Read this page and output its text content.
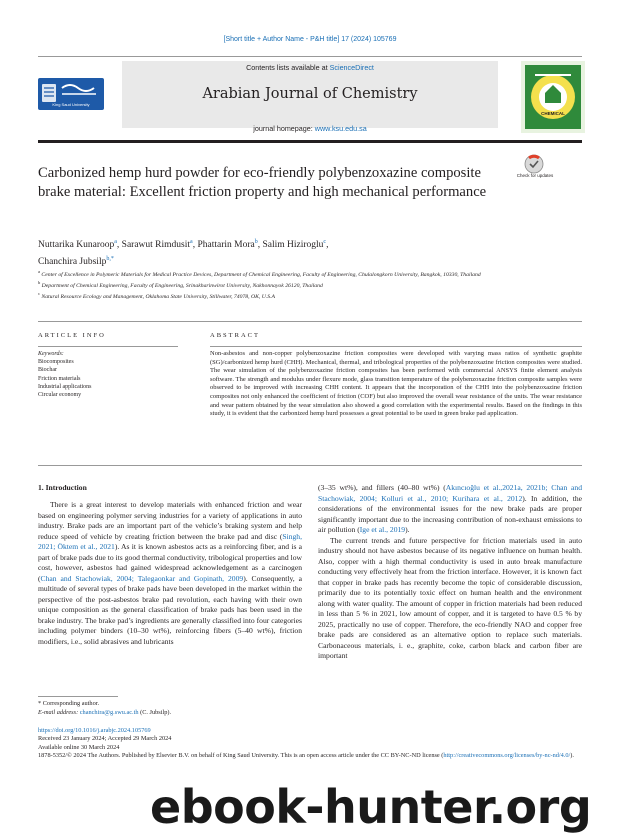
[Short title + Author Name - P&H title] 17 (2024) 105769
Contents lists available at ScienceDirect
Arabian Journal of Chemistry
journal homepage: www.ksu.edu.sa
King Saud University
CHEMICAL
Carbonized hemp hurd powder for eco-friendly polybenzoxazine composite brake material: Excellent friction property and high mechanical performance
Check for updates
Nuttarika Kunaroop$^a$, Sarawut Rimdusit$^a$, Phattarin Mora$^b$, Salim Hiziroglu$^c$,
Chanchira Jubsilp$^{b,*}$
$^a$ Center of Excellence in Polymeric Materials for Medical Practice Devices, Department of Chemical Engineering, Faculty of Engineering, Chulalongkorn University, Bangkok, 10330, Thailand
$^b$ Department of Chemical Engineering, Faculty of Engineering, Srinakharinwirot University, Nakhonnayok 26120, Thailand
$^c$ Natural Resource Ecology and Management, Oklahoma State University, Stillwater, 74078, OK, U.S.A
ARTICLE INFO	ABSTRACT
Keywords:
Biocomposites
Biochar
Friction materials
Industrial applications
Circular economy
Non-asbestos and non-copper polybenzoxazine friction composites were developed with varying mass ratios of synthetic graphite (SG)/carbonized hemp hurd (CHH). Mechanical, thermal, and tribological properties of the polybenzoxazine friction composites were studied. The wear simulation of the polybenzoxazine friction composites has been performed with commercial ANSYS finite element analysis software. The strength and modulus under flexure mode, glass transition temperature of the polybenzoxazine friction composite samples were observed to be improved with increasing CHH content. It appears that the incorporation of the CHH into the polybenzoxazine friction composites not only enhanced the coefficient of friction (COF) but also improved the overall wear resistance of the units. The wear resistance and wear pattern obtained by the wear simulation also showed a good correlation with the experimental results. Based on the findings in this study, it is evident that the carbonized hemp hurd possesses a great potential to be used in green brake pad application.
1. Introduction

There is a great interest to develop materials with enhanced friction and wear based on engineering polymer serving industries for a variety of applications in auto industry. Brake pads are an important part of the vehicle’s braking system and help reduce speed of vehicle by creating friction between the brake pad and disc (Singh, 2021; Öktem et al., 2021). As it is known asbestos acts as a reinforcing fiber, and is a part of brake pads due to its good thermal conductivity, tribological properties and low cost, however, asbestos had gained widespread acknowledgement as a carcinogen (Chan and Stachowiak, 2004; Talegaonkar and Gopinath, 2009). Consequently, a multitude of several types of brake pads have been developed in the market within the perspective of the post-asbestos brake pad revolution, each having with their own unique composition as the general classification of brake pads has been used in the brake industry. The brake pad’s ingredients are generally classified into four categories including polymer binders (10–30 wt%), reinforcing fibers (5–40 wt%), friction modifiers, i.e., solid abrasives and lubricants

(3–35 wt%), and fillers (40–80 wt%) (Akıncıoğlu et al.,2021a, 2021b; Chan and Stachowiak, 2004; Kolluri et al., 2010; Kurihara et al., 2012). In addition, the considerations of the environmental issues for the new brake pads are proper significantly important due to the increasing contribution of non-exhaust emissions to air pollution (Ige et al., 2019).

The current trends and future perspective for friction materials used in auto industry should not have asbestos because of its negative influence on human health. Also, copper with a high thermal conductivity is used in auto break manufacture conducting very effectively heat from the friction interface. However, it is known fact that copper in brake pads has recently become the topic of considerable discussion, primarily due to its potentially toxic effect on human health and the environment along with water quality. The amount of copper in friction materials had been reduced in less than 5 % in 2021, low amount of copper, and it is targeted to have 0.5 % by 2025, practically no use of copper. Therefore, the eco-friendly NAO and copper free brake pads are considered as an alternative option to replace such materials. Carbonaceous materials, i. e., graphite, coke, carbon black and carbon fiber are important

* Corresponding author.
E-mail address: chanchira@g.swu.ac.th (C. Jubsilp).
https://doi.org/10.1016/j.arabjc.2024.105769
Received 23 January 2024; Accepted 29 March 2024
Available online 30 March 2024
1878-5352/© 2024 The Authors. Published by Elsevier B.V. on behalf of King Saud University. This is an open access article under the CC BY-NC-ND license (http://creativecommons.org/licenses/by-nc-nd/4.0/).
ebook-hunter.org
